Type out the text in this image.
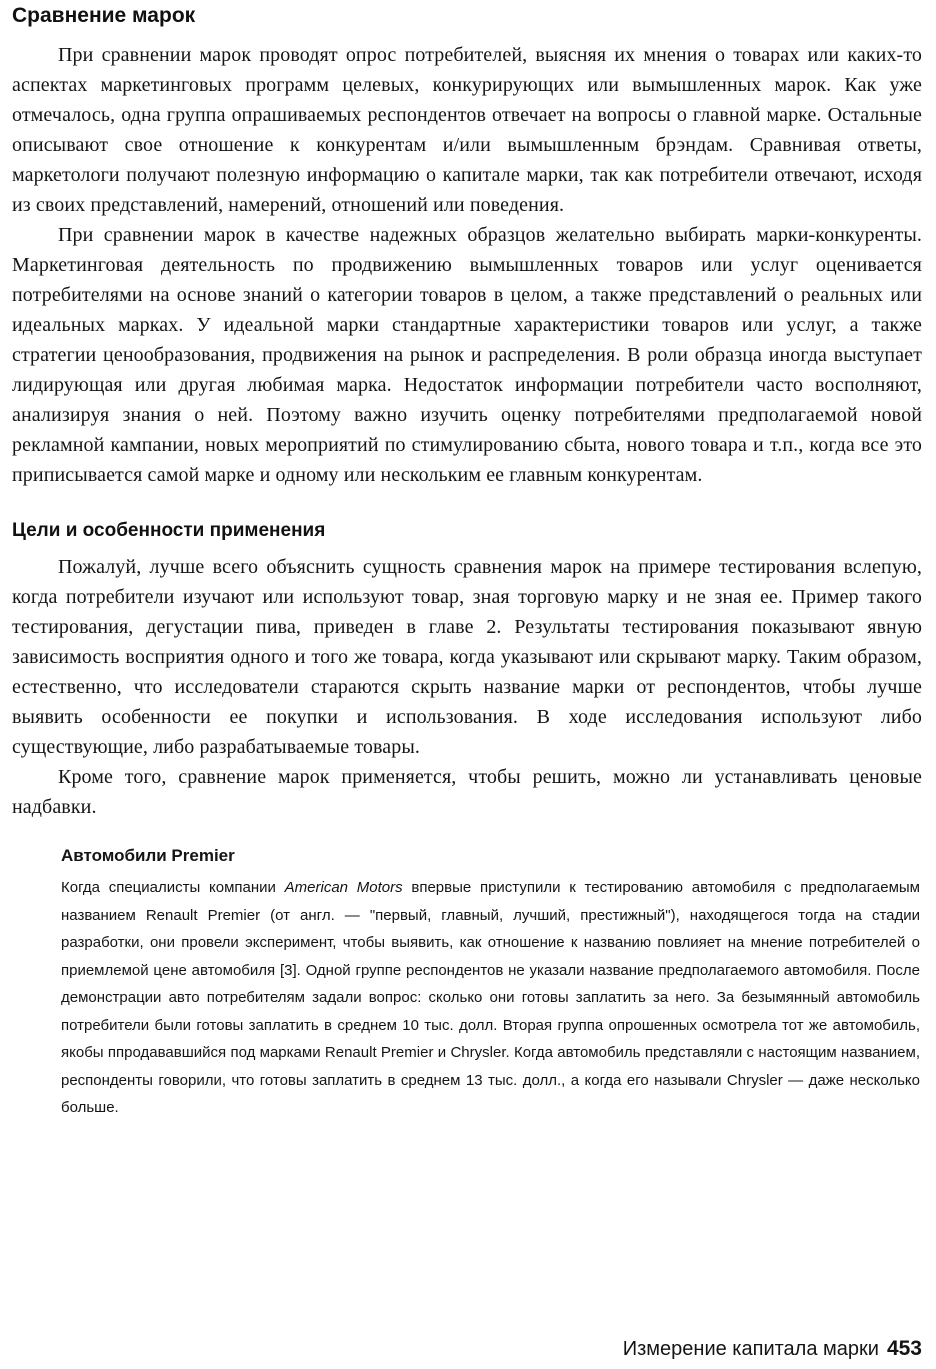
Сравнение марок

При сравнении марок проводят опрос потребителей, выясняя их мнения о товарах или каких-то аспектах маркетинговых программ целевых, конкурирующих или вымышленных марок. Как уже отмечалось, одна группа опрашиваемых респондентов отвечает на вопросы о главной марке. Остальные описывают свое отношение к конкурентам и/или вымышленным брэндам. Сравнивая ответы, маркетологи получают полезную информацию о капитале марки, так как потребители отвечают, исходя из своих представлений, намерений, отношений или поведения.

При сравнении марок в качестве надежных образцов желательно выбирать марки-конкуренты. Маркетинговая деятельность по продвижению вымышленных товаров или услуг оценивается потребителями на основе знаний о категории товаров в целом, а также представлений о реальных или идеальных марках. У идеальной марки стандартные характеристики товаров или услуг, а также стратегии ценообразования, продвижения на рынок и распределения. В роли образца иногда выступает лидирующая или другая любимая марка. Недостаток информации потребители часто восполняют, анализируя знания о ней. Поэтому важно изучить оценку потребителями предполагаемой новой рекламной кампании, новых мероприятий по стимулированию сбыта, нового товара и т.п., когда все это приписывается самой марке и одному или нескольким ее главным конкурентам.

Цели и особенности применения

Пожалуй, лучше всего объяснить сущность сравнения марок на примере тестирования вслепую, когда потребители изучают или используют товар, зная торговую марку и не зная ее. Пример такого тестирования, дегустации пива, приведен в главе 2. Результаты тестирования показывают явную зависимость восприятия одного и того же товара, когда указывают или скрывают марку. Таким образом, естественно, что исследователи стараются скрыть название марки от респондентов, чтобы лучше выявить особенности ее покупки и использования. В ходе исследования используют либо существующие, либо разрабатываемые товары.

Кроме того, сравнение марок применяется, чтобы решить, можно ли устанавливать ценовые надбавки.

Автомобили Premier

Когда специалисты компании American Motors впервые приступили к тестированию автомобиля с предполагаемым названием Renault Premier (от англ. — "первый, главный, лучший, престижный"), находящегося тогда на стадии разработки, они провели эксперимент, чтобы выявить, как отношение к названию повлияет на мнение потребителей о приемлемой цене автомобиля [3]. Одной группе респондентов не указали название предполагаемого автомобиля. После демонстрации авто потребителям задали вопрос: сколько они готовы заплатить за него. За безымянный автомобиль потребители были готовы заплатить в среднем 10 тыс. долл. Вторая группа опрошенных осмотрела тот же автомобиль, якобы ппродававшийся под марками Renault Premier и Chrysler. Когда автомобиль представляли с настоящим названием, респонденты говорили, что готовы заплатить в среднем 13 тыс. долл., а когда его называли Chrysler — даже несколько больше.

Измерение капитала марки 453
